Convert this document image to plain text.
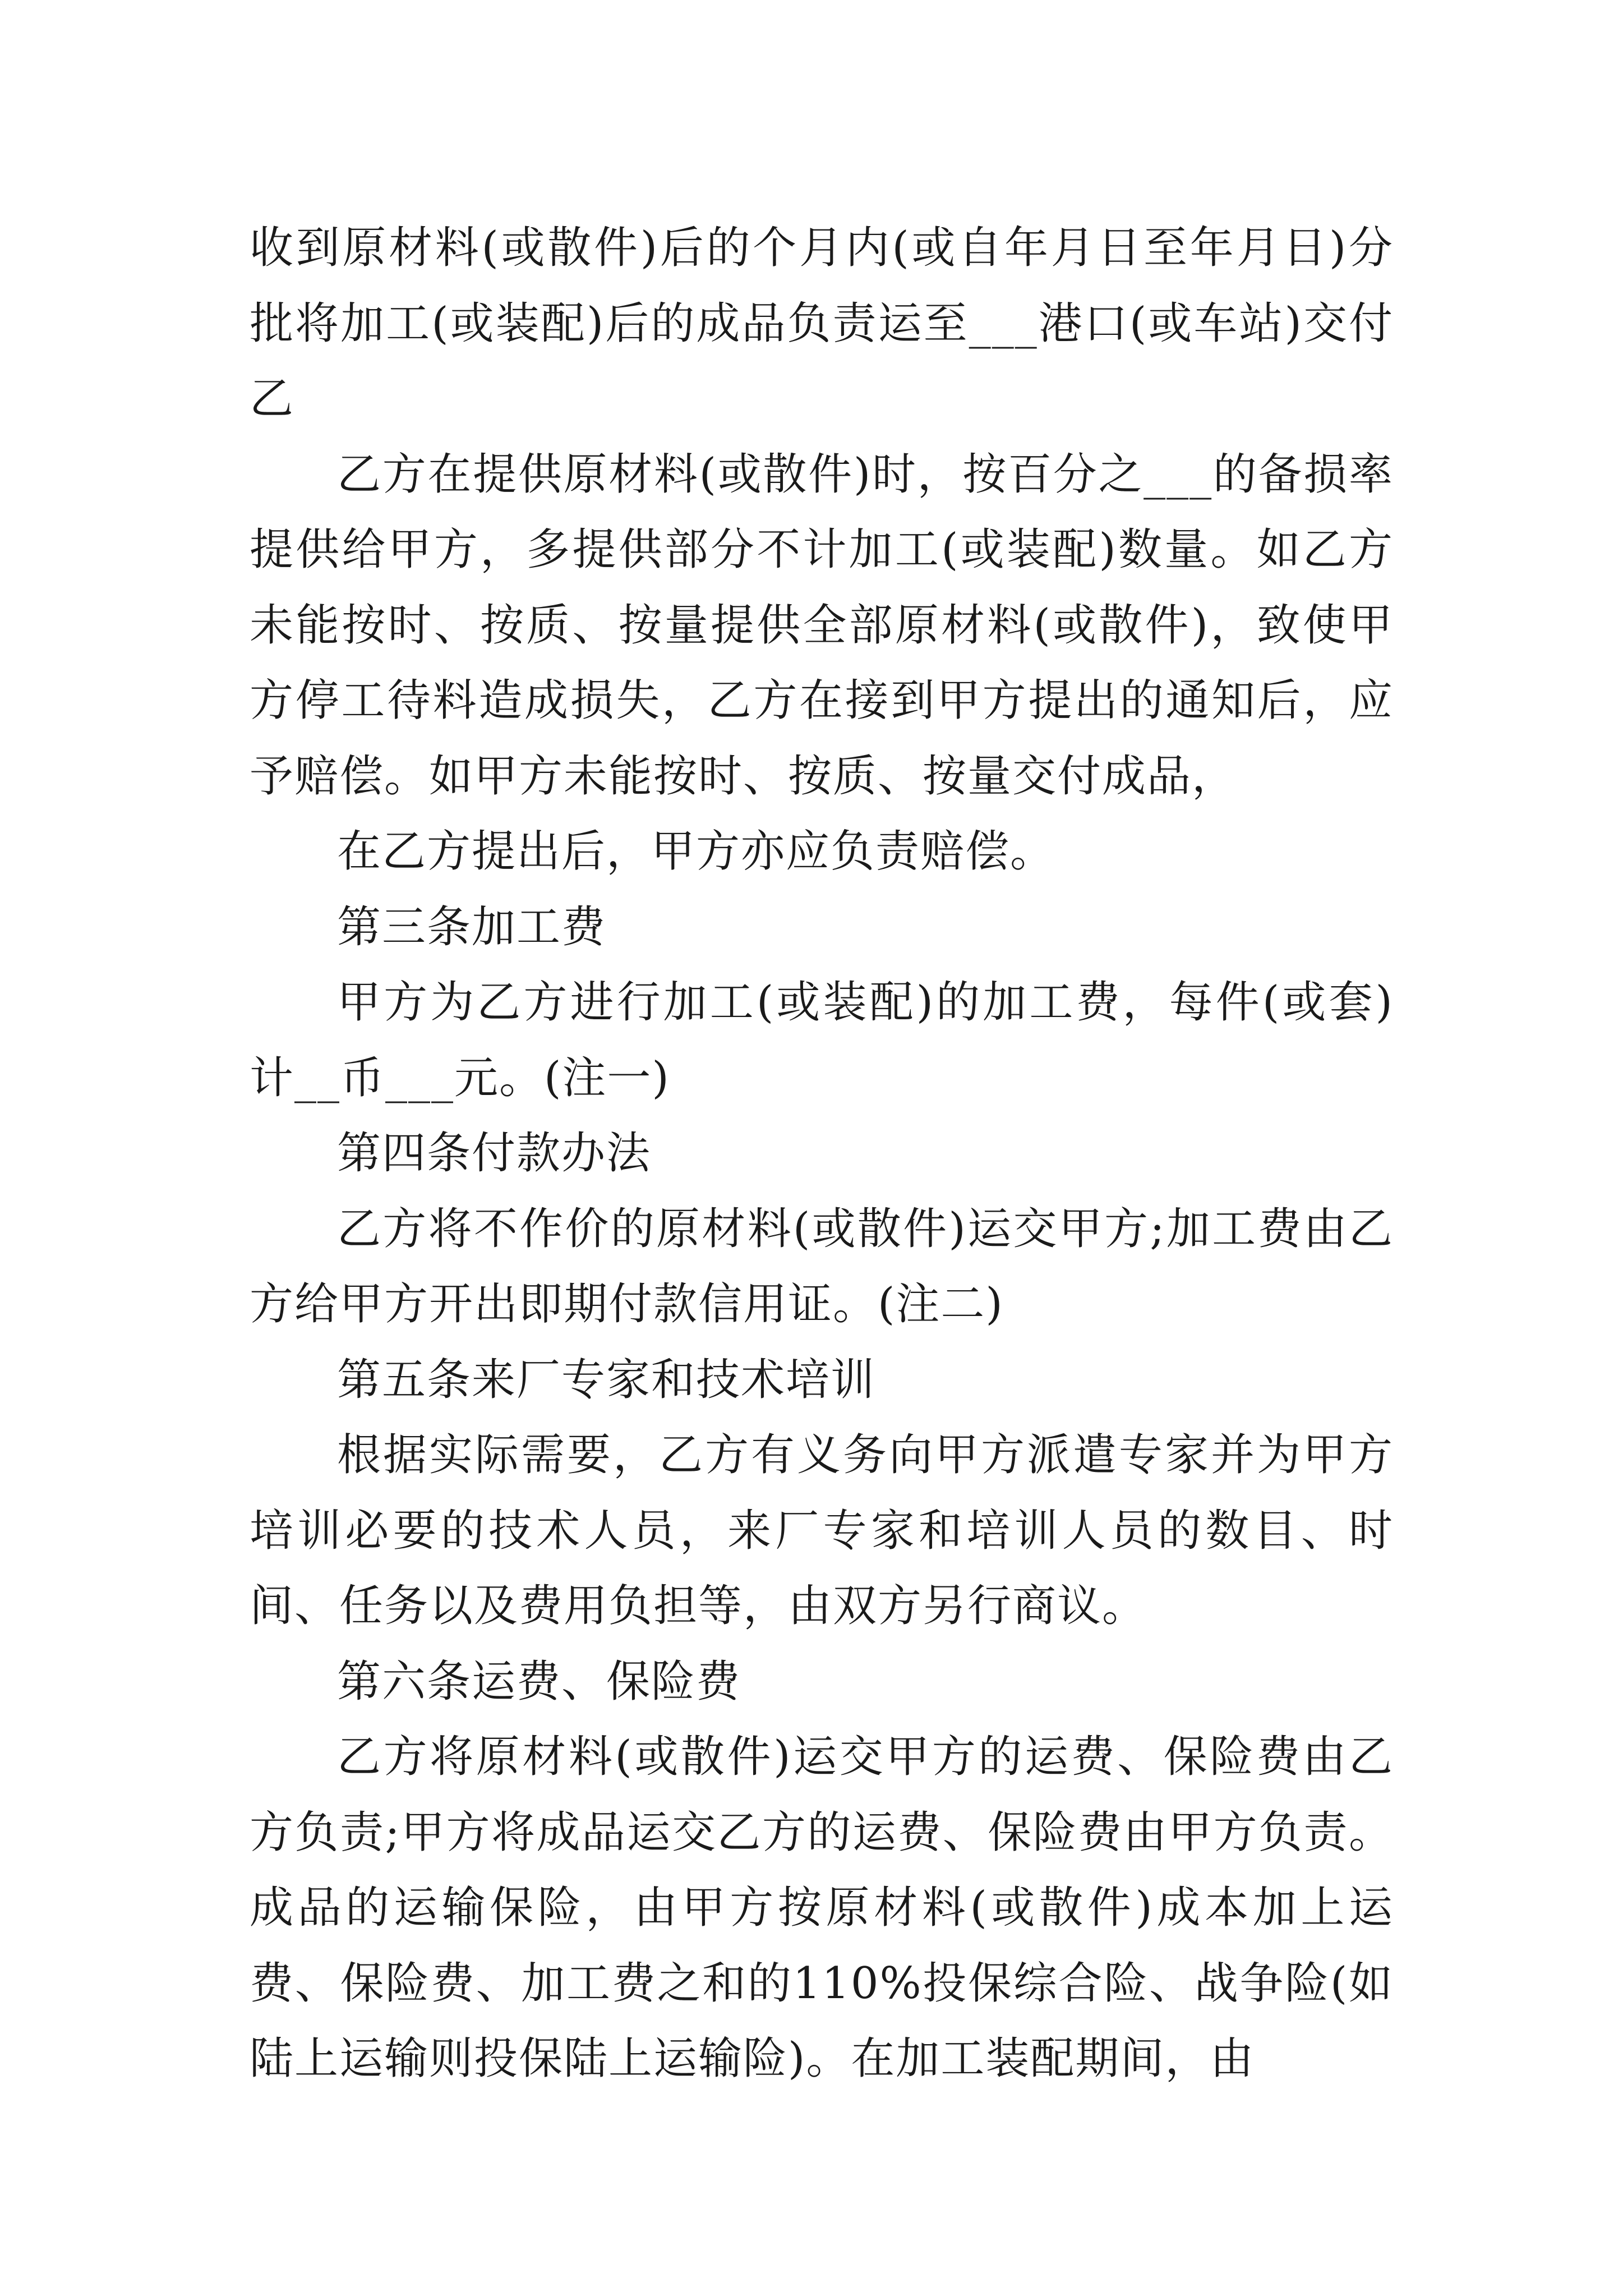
收到原材料(或散件)后的个月内(或自年月日至年月日)分批将加工(或装配)后的成品负责运至___港口(或车站)交付乙

乙方在提供原材料(或散件)时，按百分之___的备损率提供给甲方，多提供部分不计加工(或装配)数量。如乙方未能按时、按质、按量提供全部原材料(或散件)，致使甲方停工待料造成损失，乙方在接到甲方提出的通知后，应予赔偿。如甲方未能按时、按质、按量交付成品，

在乙方提出后，甲方亦应负责赔偿。

第三条加工费

甲方为乙方进行加工(或装配)的加工费，每件(或套)计__币___元。(注一)

第四条付款办法

乙方将不作价的原材料(或散件)运交甲方;加工费由乙方给甲方开出即期付款信用证。(注二)

第五条来厂专家和技术培训

根据实际需要，乙方有义务向甲方派遣专家并为甲方培训必要的技术人员，来厂专家和培训人员的数目、时间、任务以及费用负担等，由双方另行商议。

第六条运费、保险费

乙方将原材料(或散件)运交甲方的运费、保险费由乙方负责;甲方将成品运交乙方的运费、保险费由甲方负责。成品的运输保险，由甲方按原材料(或散件)成本加上运费、保险费、加工费之和的110%投保综合险、战争险(如陆上运输则投保陆上运输险)。在加工装配期间，由
